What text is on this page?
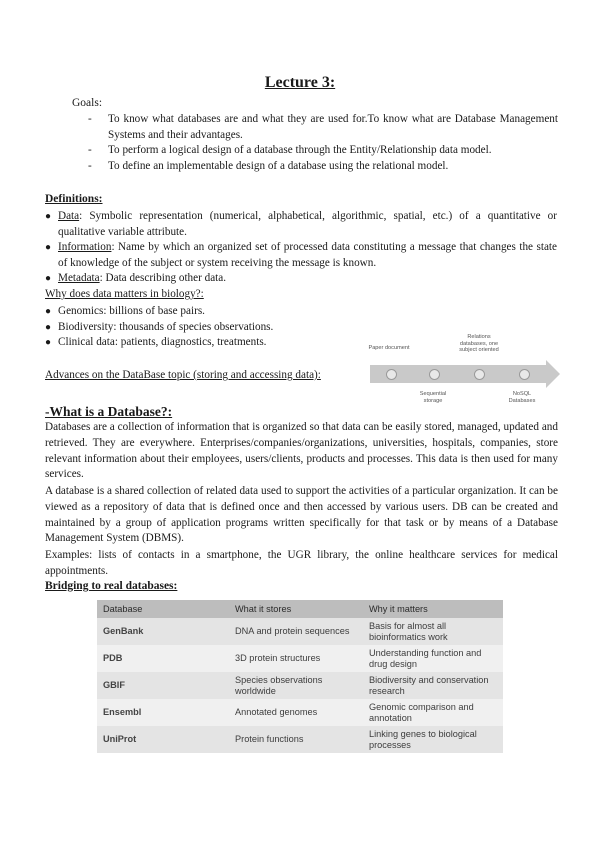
Lecture 3:
Goals:
- To know what databases are and what they are used for.To know what are Database Management Systems and their advantages.
- To perform a logical design of a database through the Entity/Relationship data model.
- To define an implementable design of a database using the relational model.
Definitions:
● Data: Symbolic representation (numerical, alphabetical, algorithmic, spatial, etc.) of a quantitative or qualitative variable attribute.
● Information: Name by which an organized set of processed data constituting a message that changes the state of knowledge of the subject or system receiving the message is known.
● Metadata: Data describing other data.
Why does data matters in biology?:
● Genomics: billions of base pairs.
● Biodiversity: thousands of species observations.
● Clinical data: patients, diagnostics, treatments.
Advances on the DataBase topic (storing and accessing data):
Paper document
Relations databases, one subject oriented
Sequential storage
NoSQL Databases
-What is a Database?:
Databases are a collection of information that is organized so that data can be easily stored, managed, updated and retrieved. They are everywhere. Enterprises/companies/organizations, universities, hospitals, companies, store relevant information about their employees, users/clients, products and processes. This data is then used for many services.
A database is a shared collection of related data used to support the activities of a particular organization. It can be viewed as a repository of data that is defined once and then accessed by various users. DB can be created and maintained by a group of application programs written specifically for that task or by means of a Database Management System (DBMS).
Examples: lists of contacts in a smartphone, the UGR library, the online healthcare services for medical appointments.
Bridging to real databases:
Database	What it stores	Why it matters
GenBank	DNA and protein sequences	Basis for almost all bioinformatics work
PDB	3D protein structures	Understanding function and drug design
GBIF	Species observations worldwide	Biodiversity and conservation research
Ensembl	Annotated genomes	Genomic comparison and annotation
UniProt	Protein functions	Linking genes to biological processes
